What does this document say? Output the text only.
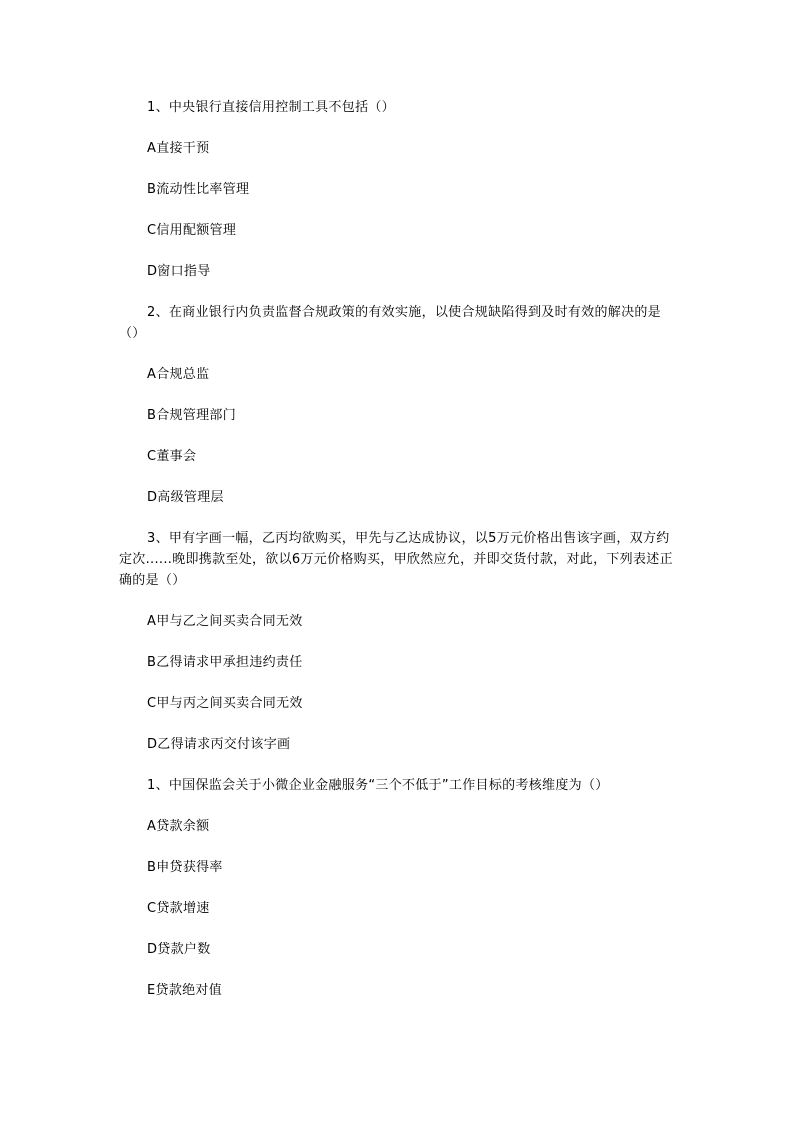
1、中央银行直接信用控制工具不包括（）

A直接干预

B流动性比率管理

C信用配额管理

D窗口指导

2、在商业银行内负责监督合规政策的有效实施，以使合规缺陷得到及时有效的解决的是（）

A合规总监

B合规管理部门

C董事会

D高级管理层

3、甲有字画一幅，乙丙均欲购买，甲先与乙达成协议，以5万元价格出售该字画，双方约定次......晚即携款至处，欲以6万元价格购买，甲欣然应允，并即交货付款，对此，下列表述正确的是（）

A甲与乙之间买卖合同无效

B乙得请求甲承担违约责任

C甲与丙之间买卖合同无效

D乙得请求丙交付该字画

1、中国保监会关于小微企业金融服务“三个不低于”工作目标的考核维度为（）

A贷款余额

B申贷获得率

C贷款增速

D贷款户数

E贷款绝对值
